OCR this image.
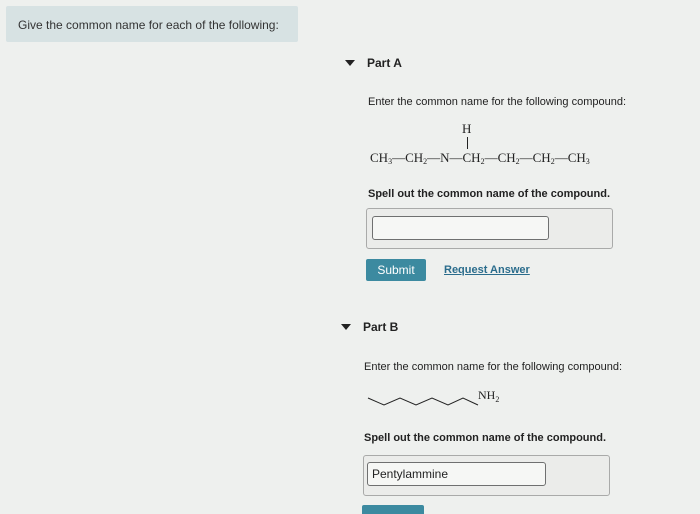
Give the common name for each of the following:
Part A
Enter the common name for the following compound:
H
$CH_3—CH_2—N—CH_2—CH_2—CH_2—CH_3$
Spell out the common name of the compound.
Submit	Request Answer
Part B
Enter the common name for the following compound:
$NH_2$
Spell out the common name of the compound.
Pentylammine
